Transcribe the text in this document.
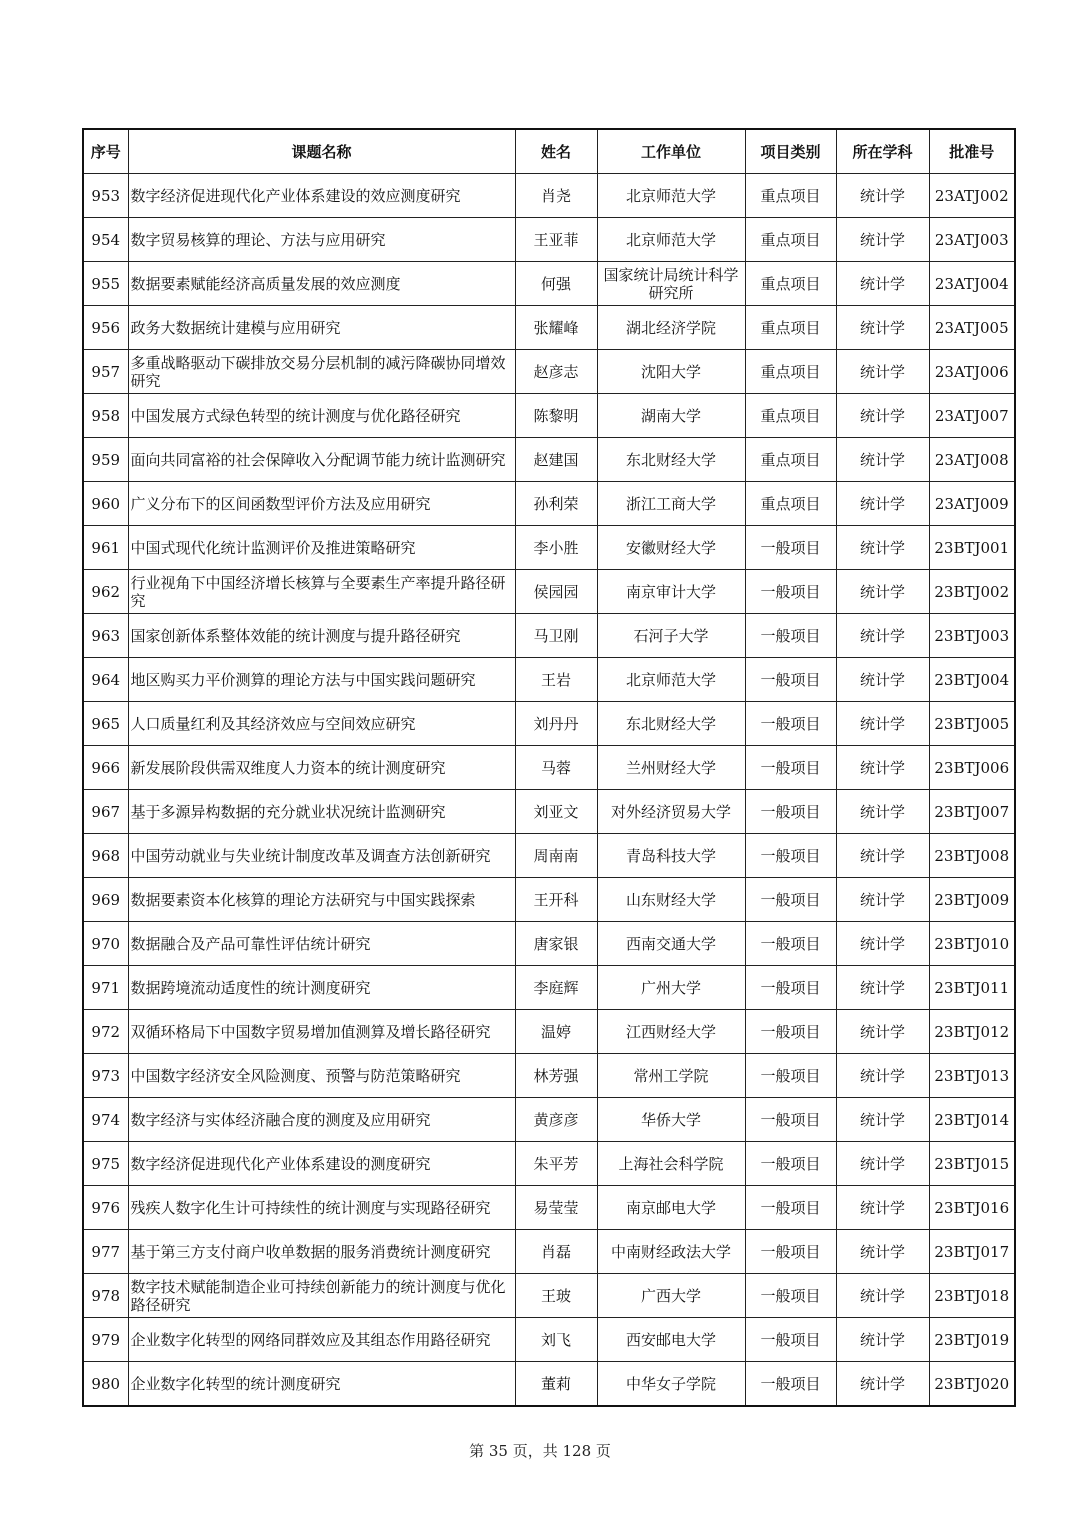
序号	课题名称	姓名	工作单位	项目类别	所在学科	批准号
953	数字经济促进现代化产业体系建设的效应测度研究	肖尧	北京师范大学	重点项目	统计学	23ATJ002
954	数字贸易核算的理论、方法与应用研究	王亚菲	北京师范大学	重点项目	统计学	23ATJ003
955	数据要素赋能经济高质量发展的效应测度	何强	国家统计局统计科学研究所	重点项目	统计学	23ATJ004
956	政务大数据统计建模与应用研究	张耀峰	湖北经济学院	重点项目	统计学	23ATJ005
957	多重战略驱动下碳排放交易分层机制的减污降碳协同增效研究	赵彦志	沈阳大学	重点项目	统计学	23ATJ006
958	中国发展方式绿色转型的统计测度与优化路径研究	陈黎明	湖南大学	重点项目	统计学	23ATJ007
959	面向共同富裕的社会保障收入分配调节能力统计监测研究	赵建国	东北财经大学	重点项目	统计学	23ATJ008
960	广义分布下的区间函数型评价方法及应用研究	孙利荣	浙江工商大学	重点项目	统计学	23ATJ009
961	中国式现代化统计监测评价及推进策略研究	李小胜	安徽财经大学	一般项目	统计学	23BTJ001
962	行业视角下中国经济增长核算与全要素生产率提升路径研究	侯园园	南京审计大学	一般项目	统计学	23BTJ002
963	国家创新体系整体效能的统计测度与提升路径研究	马卫刚	石河子大学	一般项目	统计学	23BTJ003
964	地区购买力平价测算的理论方法与中国实践问题研究	王岩	北京师范大学	一般项目	统计学	23BTJ004
965	人口质量红利及其经济效应与空间效应研究	刘丹丹	东北财经大学	一般项目	统计学	23BTJ005
966	新发展阶段供需双维度人力资本的统计测度研究	马蓉	兰州财经大学	一般项目	统计学	23BTJ006
967	基于多源异构数据的充分就业状况统计监测研究	刘亚文	对外经济贸易大学	一般项目	统计学	23BTJ007
968	中国劳动就业与失业统计制度改革及调查方法创新研究	周南南	青岛科技大学	一般项目	统计学	23BTJ008
969	数据要素资本化核算的理论方法研究与中国实践探索	王开科	山东财经大学	一般项目	统计学	23BTJ009
970	数据融合及产品可靠性评估统计研究	唐家银	西南交通大学	一般项目	统计学	23BTJ010
971	数据跨境流动适度性的统计测度研究	李庭辉	广州大学	一般项目	统计学	23BTJ011
972	双循环格局下中国数字贸易增加值测算及增长路径研究	温婷	江西财经大学	一般项目	统计学	23BTJ012
973	中国数字经济安全风险测度、预警与防范策略研究	林芳强	常州工学院	一般项目	统计学	23BTJ013
974	数字经济与实体经济融合度的测度及应用研究	黄彦彦	华侨大学	一般项目	统计学	23BTJ014
975	数字经济促进现代化产业体系建设的测度研究	朱平芳	上海社会科学院	一般项目	统计学	23BTJ015
976	残疾人数字化生计可持续性的统计测度与实现路径研究	易莹莹	南京邮电大学	一般项目	统计学	23BTJ016
977	基于第三方支付商户收单数据的服务消费统计测度研究	肖磊	中南财经政法大学	一般项目	统计学	23BTJ017
978	数字技术赋能制造企业可持续创新能力的统计测度与优化路径研究	王玻	广西大学	一般项目	统计学	23BTJ018
979	企业数字化转型的网络同群效应及其组态作用路径研究	刘飞	西安邮电大学	一般项目	统计学	23BTJ019
980	企业数字化转型的统计测度研究	董莉	中华女子学院	一般项目	统计学	23BTJ020
第 35 页，共 128 页
